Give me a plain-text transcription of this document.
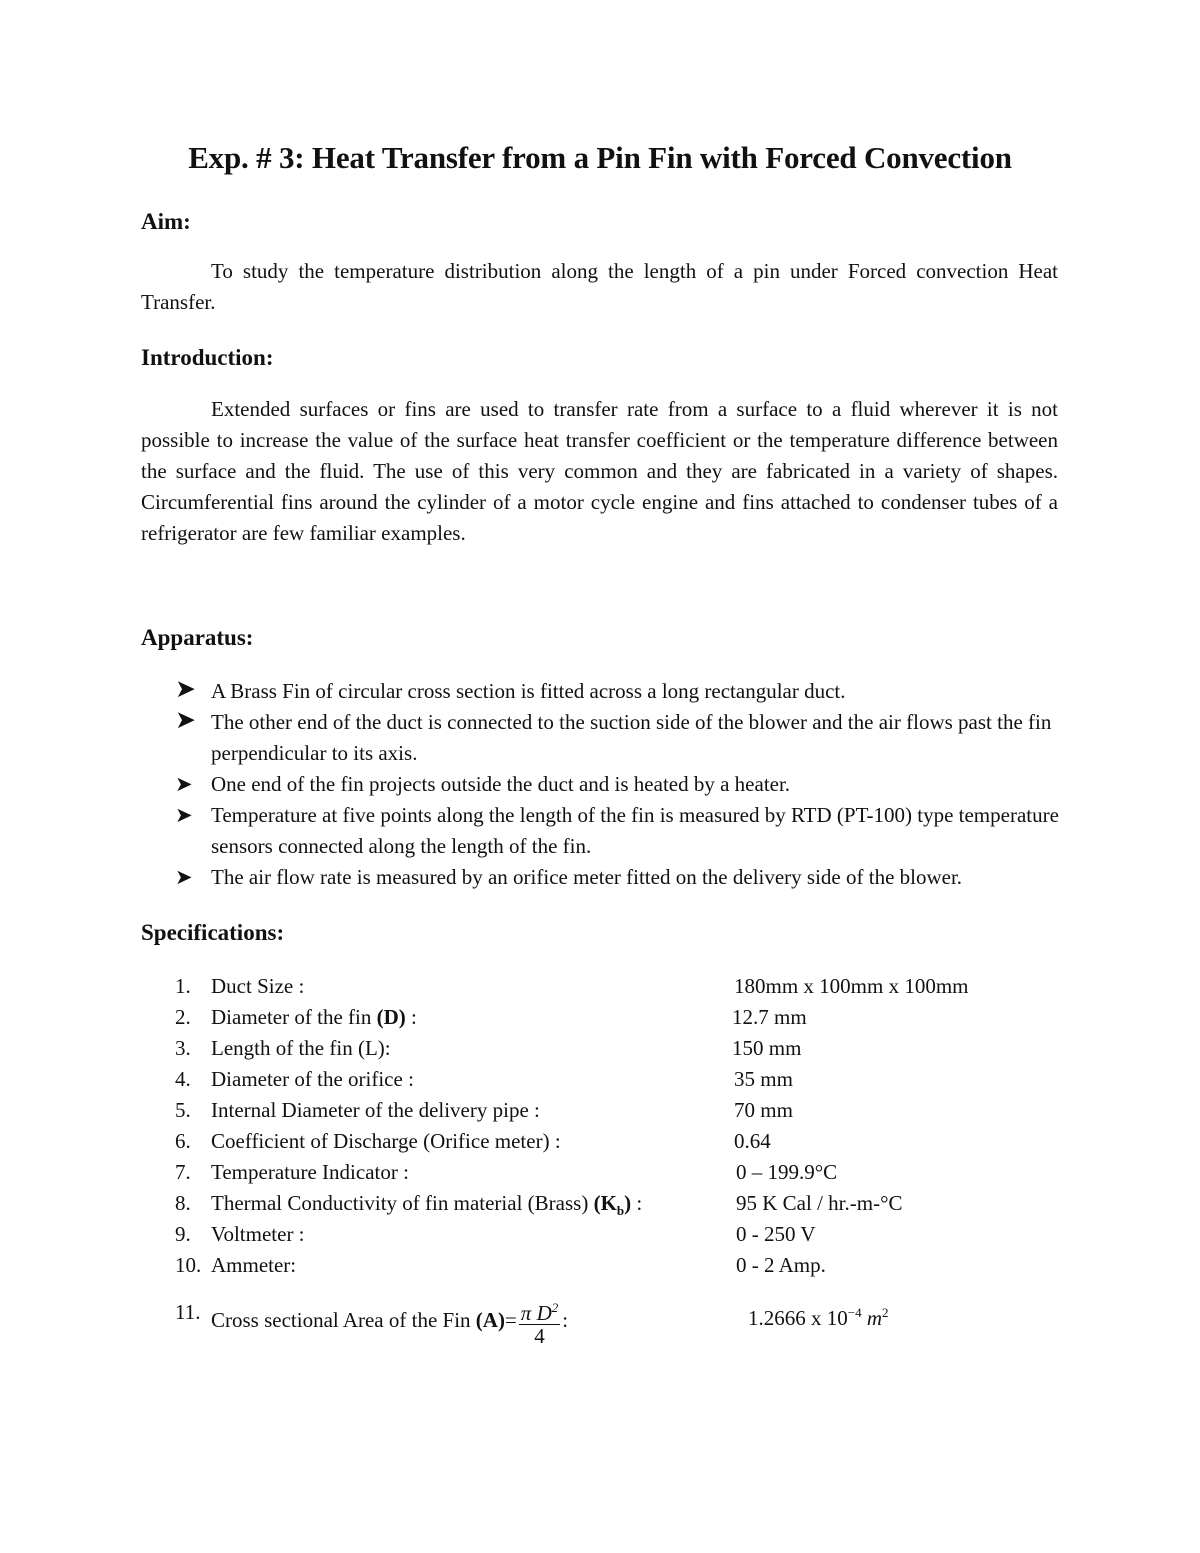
Exp. # 3: Heat Transfer from a Pin Fin with Forced Convection
Aim:
To study the temperature distribution along the length of a pin under Forced convection Heat Transfer.
Introduction:
Extended surfaces or fins are used to transfer rate from a surface to a fluid wherever it is not possible to increase the value of the surface heat transfer coefficient or the temperature difference between the surface and the fluid. The use of this very common and they are fabricated in a variety of shapes. Circumferential fins around the cylinder of a motor cycle engine and fins attached to condenser tubes of a refrigerator are few familiar examples.
Apparatus:
➤ A Brass Fin of circular cross section is fitted across a long rectangular duct.
➤ The other end of the duct is connected to the suction side of the blower and the air flows past the fin perpendicular to its axis.
➤ One end of the fin projects outside the duct and is heated by a heater.
➤ Temperature at five points along the length of the fin is measured by RTD (PT-100) type temperature sensors connected along the length of the fin.
➤ The air flow rate is measured by an orifice meter fitted on the delivery side of the blower.
Specifications:
1. Duct Size :	180mm x 100mm x 100mm
2. Diameter of the fin (D) :	12.7 mm
3. Length of the fin (L):	150 mm
4. Diameter of the orifice :	35 mm
5. Internal Diameter of the delivery pipe :	70 mm
6. Coefficient of Discharge (Orifice meter) :	0.64
7. Temperature Indicator :	0 – 199.9°C
8. Thermal Conductivity of fin material (Brass) $(K_b)$ :	95 K Cal / hr.-m-°C
9. Voltmeter :	0 - 250 V
10. Ammeter:	0 - 2 Amp.
11. Cross sectional Area of the Fin $(A)= \frac{\pi D^2}{4}$ :	1.2666 x $10^{-4}$ $m^2$
